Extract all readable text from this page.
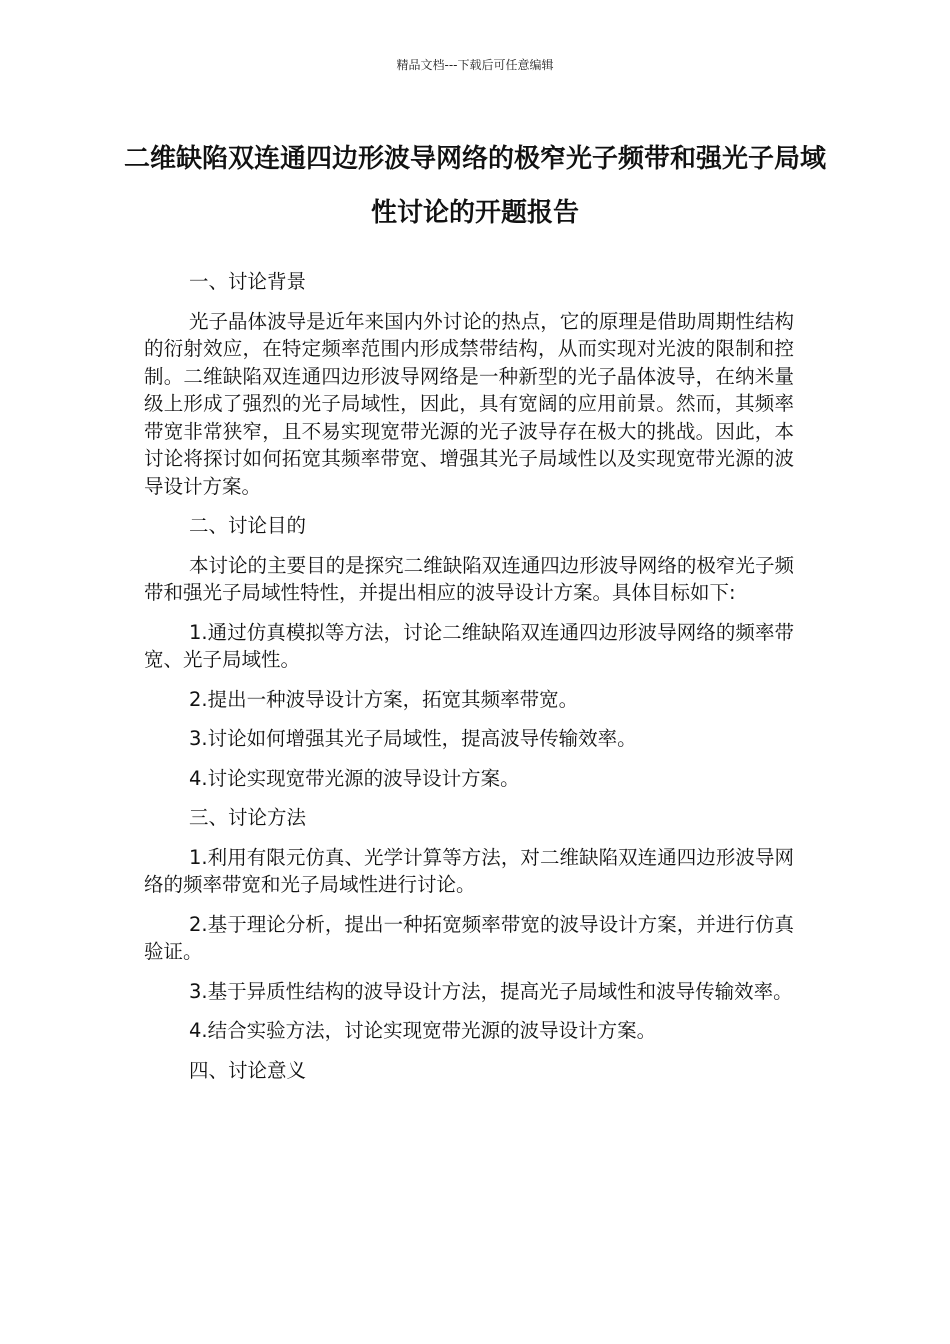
精品文档---下载后可任意编辑
二维缺陷双连通四边形波导网络的极窄光子频带和强光子局域性讨论的开题报告

一、讨论背景

光子晶体波导是近年来国内外讨论的热点，它的原理是借助周期性结构的衍射效应，在特定频率范围内形成禁带结构，从而实现对光波的限制和控制。二维缺陷双连通四边形波导网络是一种新型的光子晶体波导，在纳米量级上形成了强烈的光子局域性，因此，具有宽阔的应用前景。然而，其频率带宽非常狭窄，且不易实现宽带光源的光子波导存在极大的挑战。因此，本讨论将探讨如何拓宽其频率带宽、增强其光子局域性以及实现宽带光源的波导设计方案。

二、讨论目的

本讨论的主要目的是探究二维缺陷双连通四边形波导网络的极窄光子频带和强光子局域性特性，并提出相应的波导设计方案。具体目标如下:

1.通过仿真模拟等方法，讨论二维缺陷双连通四边形波导网络的频率带宽、光子局域性。

2.提出一种波导设计方案，拓宽其频率带宽。

3.讨论如何增强其光子局域性，提高波导传输效率。

4.讨论实现宽带光源的波导设计方案。

三、讨论方法

1.利用有限元仿真、光学计算等方法，对二维缺陷双连通四边形波导网络的频率带宽和光子局域性进行讨论。

2.基于理论分析，提出一种拓宽频率带宽的波导设计方案，并进行仿真验证。

3.基于异质性结构的波导设计方法，提高光子局域性和波导传输效率。

4.结合实验方法，讨论实现宽带光源的波导设计方案。

四、讨论意义
